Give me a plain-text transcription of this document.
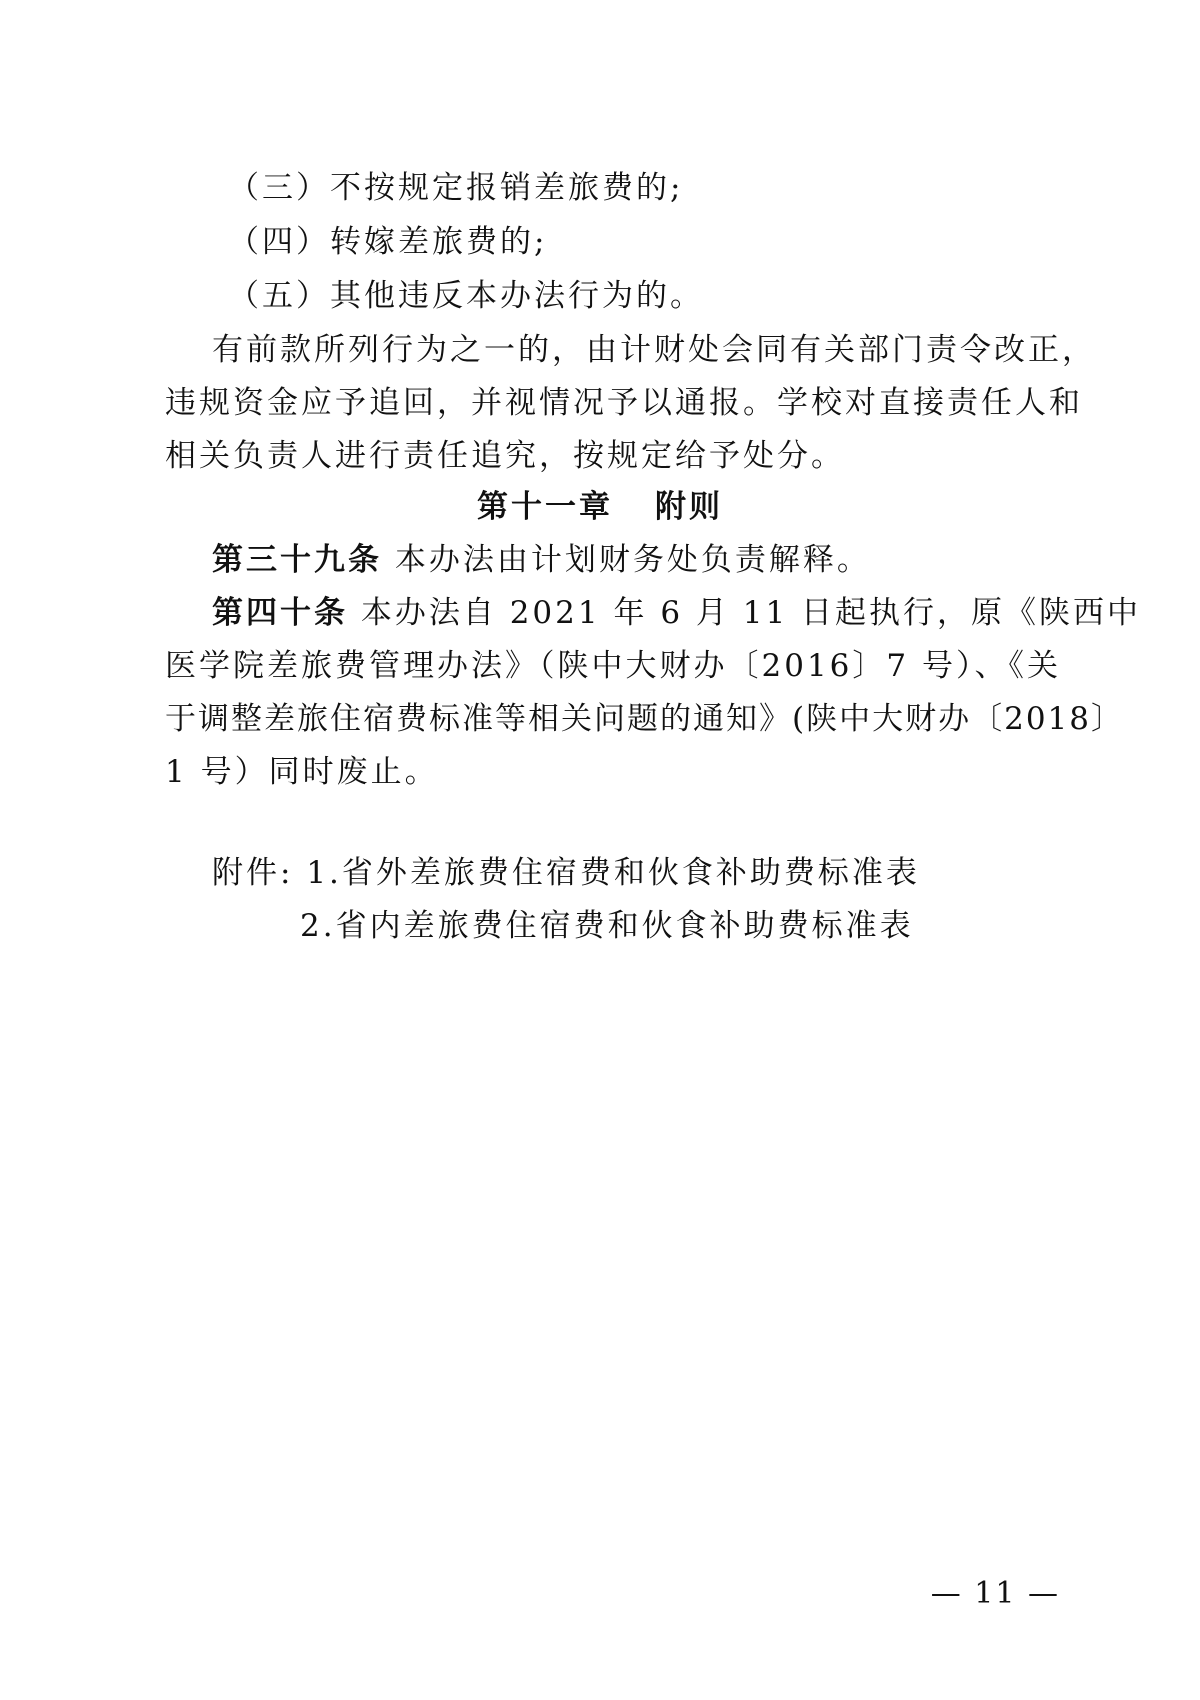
（三）不按规定报销差旅费的;
（四）转嫁差旅费的;
（五）其他违反本办法行为的。
有前款所列行为之一的，由计财处会同有关部门责令改正，
违规资金应予追回，并视情况予以通报。学校对直接责任人和
相关负责人进行责任追究，按规定给予处分。
第十一章 附则
第三十九条 本办法由计划财务处负责解释。
第四十条 本办法自 2021 年 6 月 11 日起执行，原《陕西中
医学院差旅费管理办法》（陕中大财办〔2016〕7 号）、《关
于调整差旅住宿费标准等相关问题的通知》(陕中大财办〔2018〕
1 号）同时废止。
附件: 1.省外差旅费住宿费和伙食补助费标准表
2.省内差旅费住宿费和伙食补助费标准表
— 11 —
